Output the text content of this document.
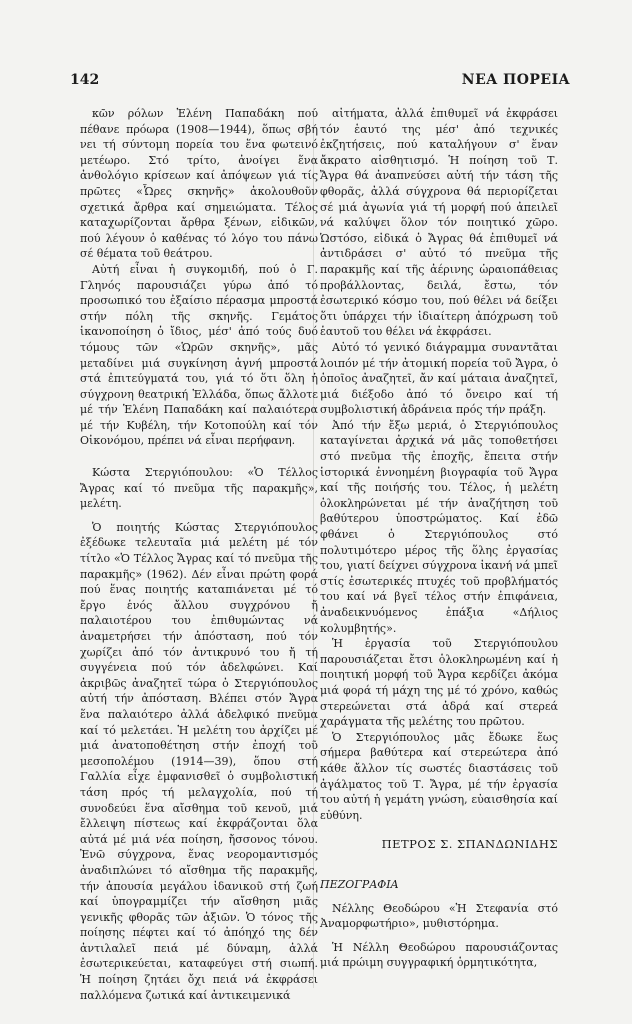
142	ΝΕΑ ΠΟΡΕΙΑ

κῶν ρόλων Ἑλένη Παπαδάκη πού πέθανε πρόωρα (1908—1944), ὅπως σβή νει τή σύντομη πορεία του ἕνα φωτεινό μετέωρο. Στό τρίτο, ἀνοίγει ἕνα ἀνθολόγιο κρίσεων καί ἀπόψεων γιά τίς πρῶτες «Ὧρες σκηνῆς» ἀκολουθοῦν σχετικά ἄρθρα καί σημειώματα. Τέλος καταχωρίζονται ἄρθρα ξένων, εἰδικῶν, πού λέγουν ὁ καθένας τό λόγο του πάνω σέ θέματα τοῦ θεάτρου.

Αὐτή εἶναι ἡ συγκομιδή, πού ὁ Γ. Γληνός παρουσιάζει γύρω ἀπό τό προσωπικό του ἐξαίσιο πέρασμα μπροστά στήν πόλη τῆς σκηνῆς. Γεμάτος ἱκανοποίηση ὁ ἴδιος, μέσ' ἀπό τούς δυό τόμους τῶν «Ὡρῶν σκηνῆς», μᾶς μεταδίνει μιά συγκίνηση ἁγνή μπροστά στά ἐπιτεύγματά του, γιά τό ὅτι ὅλη ἡ σύγχρονη θεατρική Ἑλλάδα, ὅπως ἄλλοτε μέ τήν Ἑλένη Παπαδάκη καί παλαιότερα μέ τήν Κυβέλη, τήν Κοτοπούλη καί τόν Οἰκονόμου, πρέπει νά εἶναι περήφανη.

Κώστα Στεργιόπουλου: «Ὁ Τέλλος Ἄγρας καί τό πνεῦμα τῆς παρακμῆς», μελέτη.

Ὁ ποιητής Κώστας Στεργιόπουλος ἐξέδωκε τελευταῖα μιά μελέτη μέ τόν τίτλο «Ὁ Τέλλος Ἄγρας καί τό πνεῦμα τῆς παρακμῆς» (1962). Δέν εἶναι πρώτη φορά πού ἕνας ποιητής καταπιάνεται μέ τό ἔργο ἑνός ἄλλου συγχρόνου ἤ παλαιοτέρου του ἐπιθυμώντας νά ἀναμετρήσει τήν ἀπόσταση, πού τόν χωρίζει ἀπό τόν ἀντικρυνό του ἤ τή συγγένεια πού τόν ἀδελφώνει. Καί ἀκριβῶς ἀναζητεῖ τώρα ὁ Στεργιόπουλος αὐτή τήν ἀπόσταση. Βλέπει στόν Ἄγρα ἕνα παλαιότερο ἀλλά ἀδελφικό πνεῦμα καί τό μελετάει. Ἡ μελέτη του ἀρχίζει μέ μιά ἀνατοποθέτηση στήν ἐποχή τοῦ μεσοπολέμου (1914—39), ὅπου στή Γαλλία εἶχε ἐμφανισθεῖ ὁ συμβολιστική τάση πρός τή μελαγχολία, πού τή συνοδεύει ἕνα αἴσθημα τοῦ κενοῦ, μιά ἔλλειψη πίστεως καί ἐκφράζονται ὅλα αὐτά μέ μιά νέα ποίηση, ἤσσονος τόνου. Ἐνῶ σύγχρονα, ἕνας νεορομαντισμός ἀναδιπλώνει τό αἴσθημα τῆς παρακμῆς, τήν ἀπουσία μεγάλου ἰδανικοῦ στή ζωή καί ὑπογραμμίζει τήν αἴσθηση μιᾶς γενικῆς φθορᾶς τῶν ἀξιῶν. Ὁ τόνος τῆς ποίησης πέφτει καί τό ἀπόηχό της δέν ἀντιλαλεῖ πειά μέ δύναμη, ἀλλά ἐσωτερικεύεται, καταφεύγει στή σιωπή. Ἡ ποίηση ζητάει ὄχι πειά νά ἐκφράσει παλλόμενα ζωτικά καί ἀντικειμενικά

αἰτήματα, ἀλλά ἐπιθυμεῖ νά ἐκφράσει τόν ἑαυτό της μέσ' ἀπό τεχνικές ἐκζητήσεις, πού καταλήγουν σ' ἕναν ἄκρατο αἰσθητισμό. Ἡ ποίηση τοῦ Τ. Ἄγρα θά ἀναπνεύσει αὐτή τήν τάση τῆς φθορᾶς, ἀλλά σύγχρονα θά περιορίζεται σέ μιά ἀγωνία γιά τή μορφή πού ἀπειλεῖ νά καλύψει ὅλον τόν ποιητικό χῶρο. Ὡστόσο, εἰδικά ὁ Ἄγρας θά ἐπιθυμεῖ νά ἀντιδράσει σ' αὐτό τό πνεῦμα τῆς παρακμῆς καί τῆς ἀέρινης ὡραιοπάθειας προβάλλοντας, δειλά, ἔστω, τόν ἐσωτερικό κόσμο του, πού θέλει νά δείξει ὅτι ὑπάρχει τήν ἰδιαίτερη ἀπόχρωση τοῦ ἑαυτοῦ του θέλει νά ἐκφράσει.

Αὐτό τό γενικό διάγραμμα συναντᾶται λοιπόν μέ τήν ἀτομική πορεία τοῦ Ἄγρα, ὁ ὁποῖος ἀναζητεῖ, ἄν καί μάταια ἀναζητεῖ, μιά διέξοδο ἀπό τό ὄνειρο καί τή συμβολιστική ἀδράνεια πρός τήν πράξη.

Ἀπό τήν ἔξω μεριά, ὁ Στεργιόπουλος καταγίνεται ἀρχικά νά μᾶς τοποθετήσει στό πνεῦμα τῆς ἐποχῆς, ἔπειτα στήν ἱστορικά ἐννοημένη βιογραφία τοῦ Ἄγρα καί τῆς ποιήσής του. Τέλος, ἡ μελέτη ὁλοκληρώνεται μέ τήν ἀναζήτηση τοῦ βαθύτερου ὑποστρώματος. Καί ἐδῶ φθάνει ὁ Στεργιόπουλος στό πολυτιμότερο μέρος τῆς ὅλης ἐργασίας του, γιατί δείχνει σύγχρονα ἱκανή νά μπεῖ στίς ἐσωτερικές πτυχές τοῦ προβλήματός του καί νά βγεῖ τέλος στήν ἐπιφάνεια, ἀναδεικνυόμενος ἐπάξια «Δήλιος κολυμβητής».

Ἡ ἐργασία τοῦ Στεργιόπουλου παρουσιάζεται ἔτσι ὁλοκληρωμένη καί ἡ ποιητική μορφή τοῦ Ἄγρα κερδίζει ἀκόμα μιά φορά τή μάχη της μέ τό χρόνο, καθώς στερεώνεται στά ἀδρά καί στερεά χαράγματα τῆς μελέτης του πρῶτου.

Ὁ Στεργιόπουλος μᾶς ἔδωκε ἕως σήμερα βαθύτερα καί στερεώτερα ἀπό κάθε ἄλλον τίς σωστές διαστάσεις τοῦ ἀγάλματος τοῦ Τ. Ἄγρα, μέ τήν ἐργασία του αὐτή ἡ γεμάτη γνώση, εὐαισθησία καί εὐθύνη.

ΠΕΤΡΟΣ Σ. ΣΠΑΝΔΩΝΙΔΗΣ

ΠΕΖΟΓΡΑΦΙΑ

Νέλλης Θεοδώρου «Ἡ Στεφανία στό Ἀναμορφωτήριο», μυθιστόρημα.

Ἡ Νέλλη Θεοδώρου παρουσιάζοντας μιά πρώιμη συγγραφική ὁρμητικότητα,
